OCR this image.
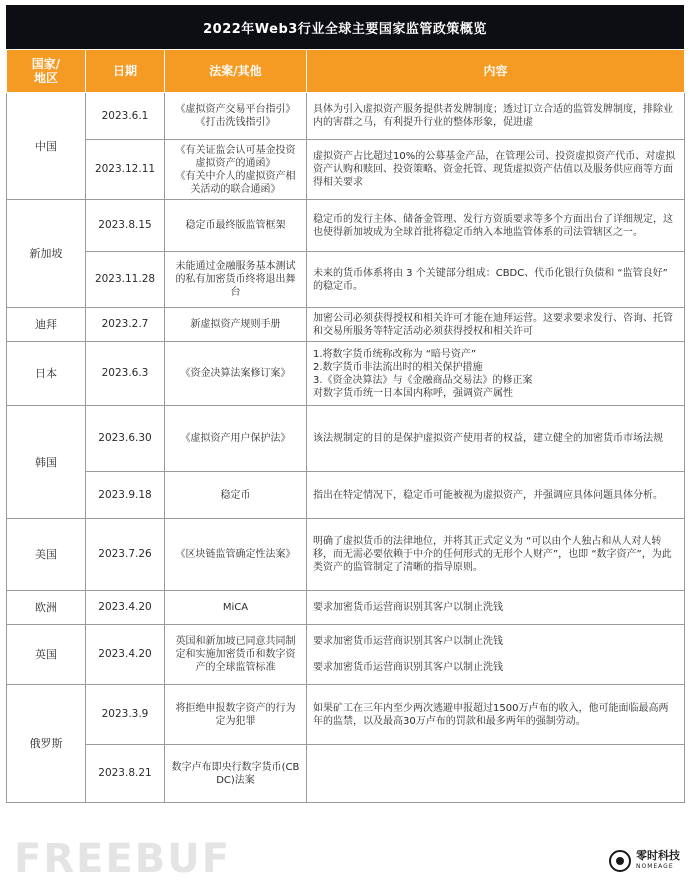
2022年Web3行业全球主要国家监管政策概览
国家/
地区	日期	法案/其他	内容
中国	2023.6.1	《虚拟资产交易平台指引》
《打击洗钱指引》	具体为引入虚拟资产服务提供者发牌制度；透过订立合适的监管发牌制度，排除业内的害群之马，有利提升行业的整体形象，促进虚
	2023.12.11	《有关证监会认可基金投资虚拟资产的通函》
《有关中介人的虚拟资产相关活动的联合通函》	虚拟资产占比超过10%的公募基金产品，在管理公司、投资虚拟资产代币、对虚拟资产认购和赎回、投资策略、资金托管、现货虚拟资产估值以及服务供应商等方面得相关要求
新加坡	2023.8.15	稳定币最终版监管框架	稳定币的发行主体、储备金管理、发行方资质要求等多个方面出台了详细规定，这也使得新加坡成为全球首批将稳定币纳入本地监管体系的司法管辖区之一。
	2023.11.28	未能通过金融服务基本测试的私有加密货币终将退出舞台	未来的货币体系将由 3 个关键部分组成：CBDC、代币化银行负债和 “监管良好” 的稳定币。
迪拜	2023.2.7	新虚拟资产规则手册	加密公司必须获得授权和相关许可才能在迪拜运营。这要求要求发行、咨询、托管和交易所服务等特定活动必须获得授权和相关许可
日本	2023.6.3	《资金决算法案修订案》	1.将数字货币统称改称为 “暗号资产”
2.数字货币非法流出时的相关保护措施
3.《资金决算法》与《金融商品交易法》的修正案
对数字货币统一日本国内称呼，强调资产属性
韩国	2023.6.30	《虚拟资产用户保护法》	该法规制定的目的是保护虚拟资产使用者的权益，建立健全的加密货币市场法规
	2023.9.18	稳定币	指出在特定情况下，稳定币可能被视为虚拟资产，并强调应具体问题具体分析。
美国	2023.7.26	《区块链监管确定性法案》	明确了虚拟货币的法律地位，并将其正式定义为 “可以由个人独占和从人对人转移，而无需必要依赖于中介的任何形式的无形个人财产”，也即 “数字资产”，为此类资产的监管制定了清晰的指导原则。
欧洲	2023.4.20	MiCA	要求加密货币运营商识别其客户以制止洗钱
英国	2023.4.20	英国和新加坡已同意共同制定和实施加密货币和数字资产的全球监管标准	要求加密货币运营商识别其客户以制止洗钱

要求加密货币运营商识别其客户以制止洗钱
俄罗斯	2023.3.9	将拒绝申报数字资产的行为定为犯罪	如果矿工在三年内至少两次逃避申报超过1500万卢布的收入，他可能面临最高两年的监禁，以及最高30万卢布的罚款和最多两年的强制劳动。
	2023.8.21	数字卢布即央行数字货币(CBDC)法案	
FREEBUF	零时科技
NOMEAGE
